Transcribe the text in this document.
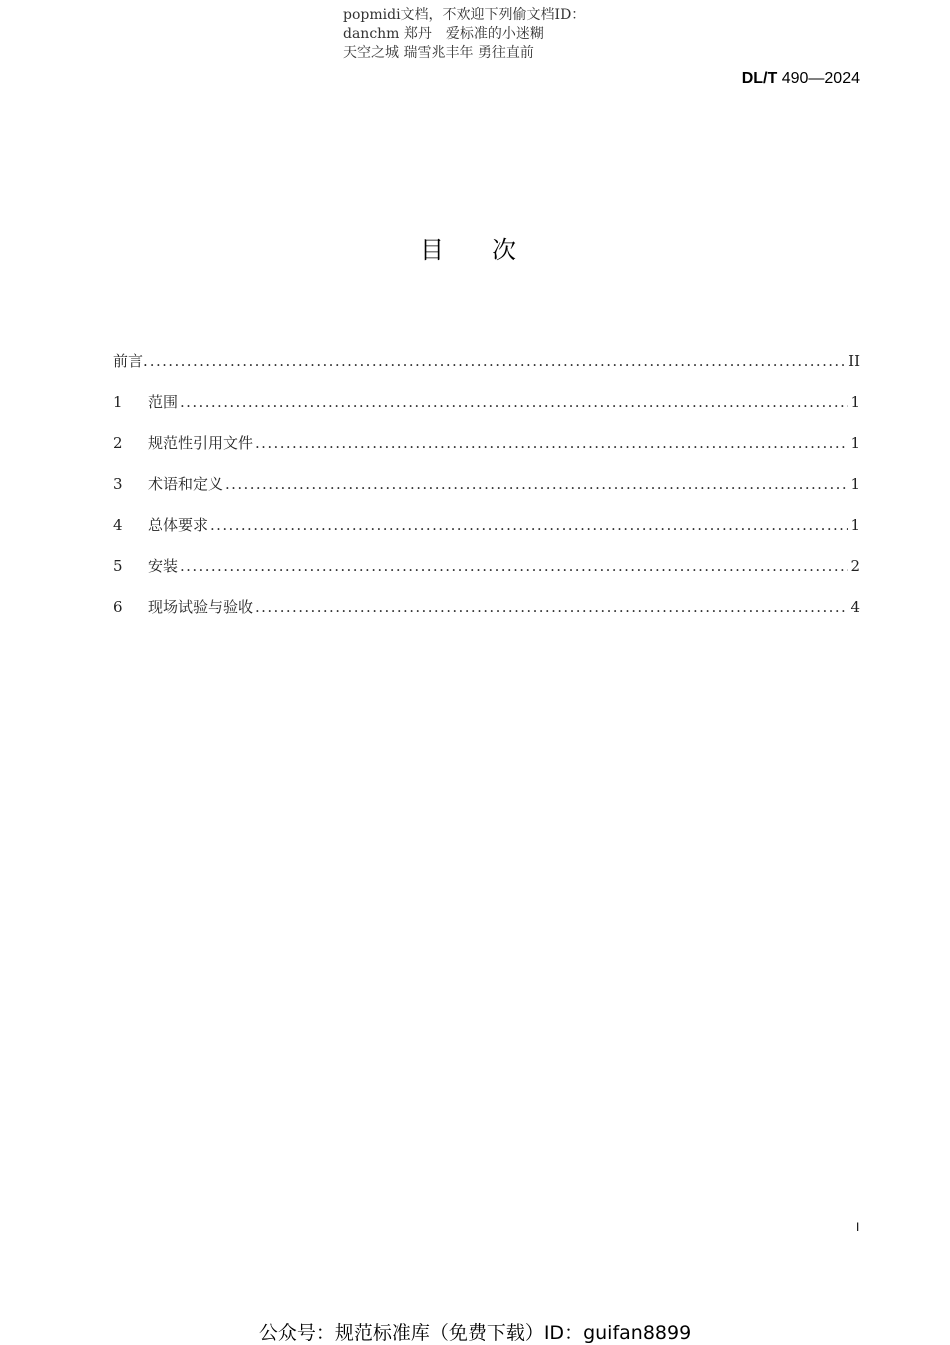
popmidi文档，不欢迎下列偷文档ID：
danchm 郑丹　爱标准的小迷糊
天空之城 瑞雪兆丰年 勇往直前
DL/T 490—2024
目次
前言. .....	II
1	范围 .....	1
2	规范性引用文件 .....	1
3	术语和定义 .....	1
4	总体要求 .....	1
5	安装 .....	2
6	现场试验与验收 .....	4
I
公众号：规范标准库（免费下载）ID：guifan8899
